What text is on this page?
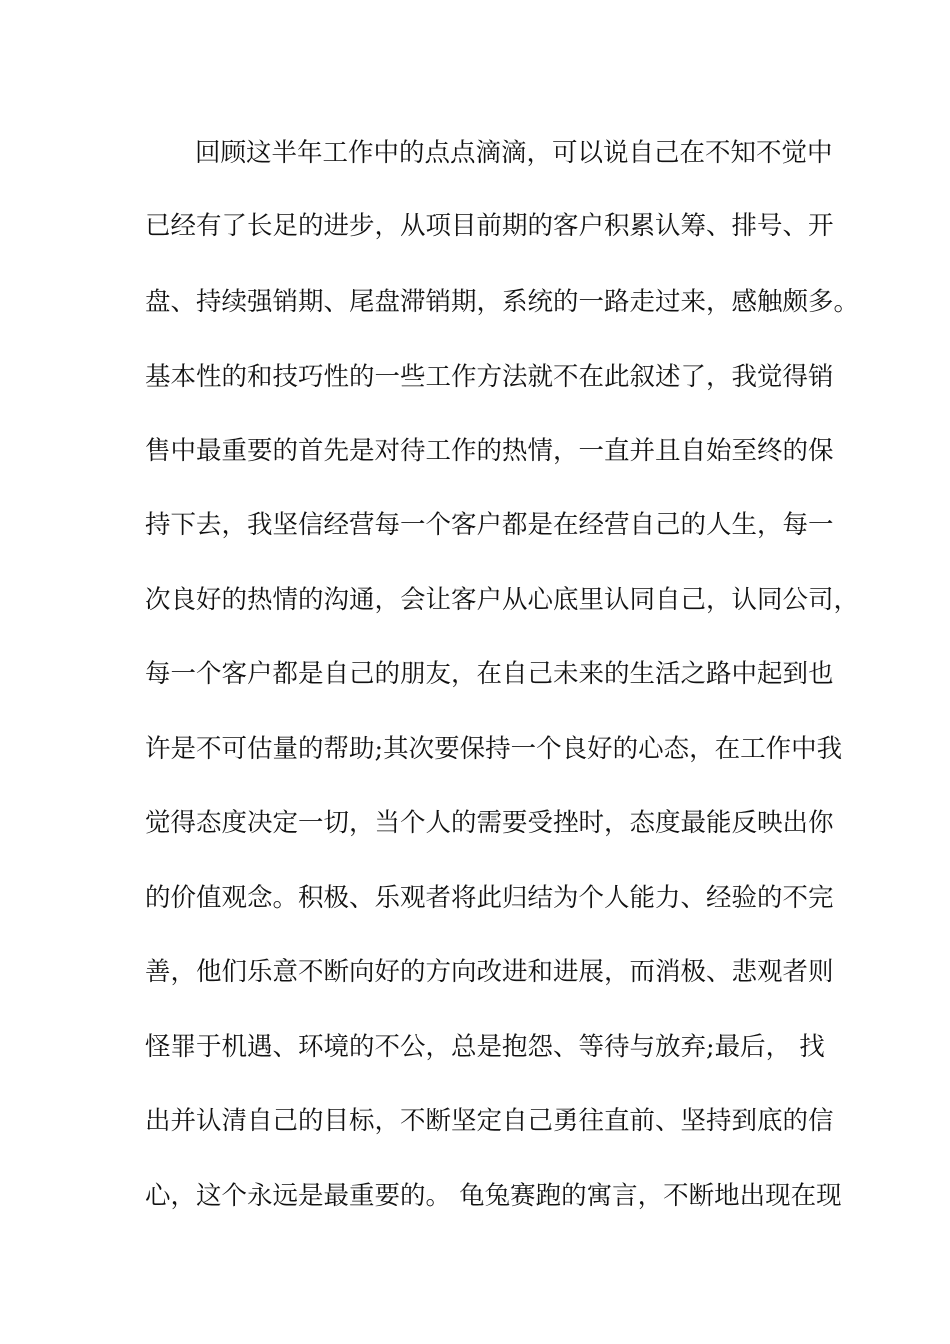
回顾这半年工作中的点点滴滴，可以说自己在不知不觉中
已经有了长足的进步，从项目前期的客户积累认筹、排号、开
盘、持续强销期、尾盘滞销期，系统的一路走过来，感触颇多。
基本性的和技巧性的一些工作方法就不在此叙述了，我觉得销
售中最重要的首先是对待工作的热情，一直并且自始至终的保
持下去，我坚信经营每一个客户都是在经营自己的人生，每一
次良好的热情的沟通，会让客户从心底里认同自己，认同公司，
每一个客户都是自己的朋友，在自己未来的生活之路中起到也
许是不可估量的帮助;其次要保持一个良好的心态，在工作中我
觉得态度决定一切，当个人的需要受挫时，态度最能反映出你
的价值观念。积极、乐观者将此归结为个人能力、经验的不完
善，他们乐意不断向好的方向改进和进展，而消极、悲观者则
怪罪于机遇、环境的不公，总是抱怨、等待与放弃;最后， 找
出并认清自己的目标，不断坚定自己勇往直前、坚持到底的信
心，这个永远是最重要的。 龟兔赛跑的寓言，不断地出现在现
